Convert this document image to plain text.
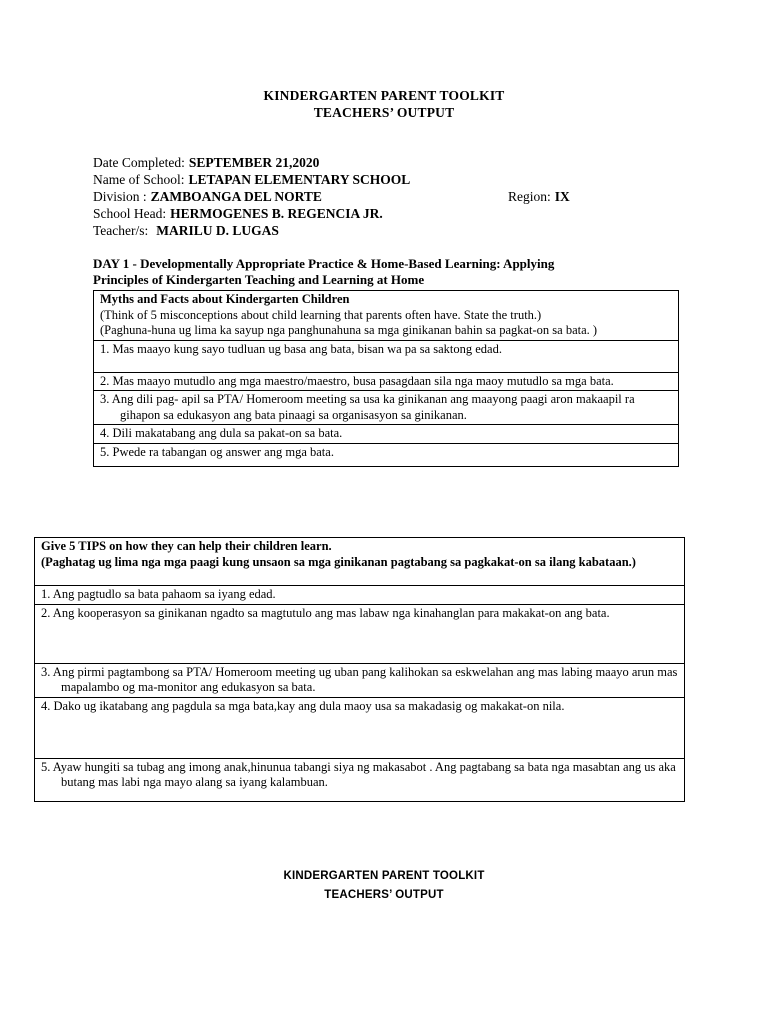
KINDERGARTEN PARENT TOOLKIT
TEACHERS’ OUTPUT
Date Completed: SEPTEMBER 21,2020
Name of School: LETAPAN ELEMENTARY SCHOOL
Division : ZAMBOANGA DEL NORTE	Region: IX
School Head: HERMOGENES B. REGENCIA JR.
Teacher/s: MARILU D. LUGAS
DAY 1 - Developmentally Appropriate Practice & Home-Based Learning: Applying
Principles of Kindergarten Teaching and Learning at Home
Myths and Facts about Kindergarten Children
(Think of 5 misconceptions about child learning that parents often have. State the truth.)
(Paghuna-huna ug lima ka sayup nga panghunahuna sa mga ginikanan bahin sa pagkat-on sa bata. )

1. Mas maayo kung sayo tudluan ug basa ang bata, bisan wa pa sa saktong edad.

2. Mas maayo mutudlo ang mga maestro/maestro, busa pasagdaan sila nga maoy mutudlo sa mga bata.

3. Ang dili pag- apil sa PTA/ Homeroom meeting sa usa ka ginikanan ang maayong paagi aron makaapil ra gihapon sa edukasyon ang bata pinaagi sa organisasyon sa ginikanan.

4. Dili makatabang ang dula sa pakat-on sa bata.

5. Pwede ra tabangan og answer ang mga bata.
Give 5 TIPS on how they can help their children learn.
(Paghatag ug lima nga mga paagi kung unsaon sa mga ginikanan pagtabang sa pagkakat-on sa ilang kabataan.)

1. Ang pagtudlo sa bata pahaom sa iyang edad.

2. Ang kooperasyon sa ginikanan ngadto sa magtutulo ang mas labaw nga kinahanglan para makakat-on ang bata.

3. Ang pirmi pagtambong sa PTA/ Homeroom meeting ug uban pang kalihokan sa eskwelahan ang mas labing maayo arun mas mapalambo og ma-monitor ang edukasyon sa bata.

4. Dako ug ikatabang ang pagdula sa mga bata,kay ang dula maoy usa sa makadasig og makakat-on nila.

5. Ayaw hungiti sa tubag ang imong anak,hinunua tabangi siya ng makasabot . Ang pagtabang sa bata nga masabtan ang us aka butang mas labi nga mayo alang sa iyang kalambuan.
KINDERGARTEN PARENT TOOLKIT
TEACHERS’ OUTPUT
